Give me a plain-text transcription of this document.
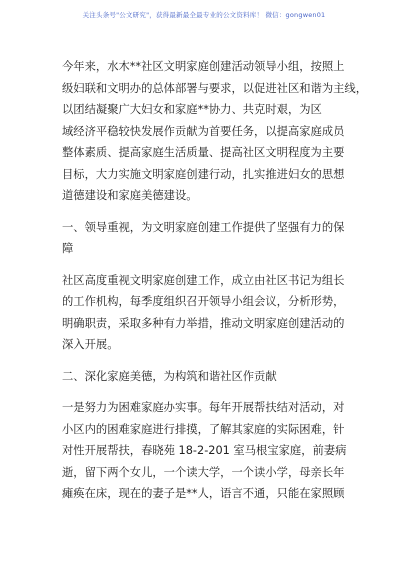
关注头条号"公文研究"，获得最新最全最专业的公文资料库！ 微信：gongwen01

今年来，水木**社区文明家庭创建活动领导小组，按照上

级妇联和文明办的总体部署与要求，以促进社区和谐为主线，

以团结凝聚广大妇女和家庭**协力、共克时艰，为区

域经济平稳较快发展作贡献为首要任务，以提高家庭成员

整体素质、提高家庭生活质量、提高社区文明程度为主要

目标，大力实施文明家庭创建行动，扎实推进妇女的思想

道德建设和家庭美德建设。

一、领导重视，为文明家庭创建工作提供了坚强有力的保

障

社区高度重视文明家庭创建工作，成立由社区书记为组长

的工作机构，每季度组织召开领导小组会议，分析形势，

明确职责，采取多种有力举措，推动文明家庭创建活动的

深入开展。

二、深化家庭美德，为构筑和谐社区作贡献

一是努力为困难家庭办实事。每年开展帮扶结对活动，对

小区内的困难家庭进行排摸，了解其家庭的实际困难，针

对性开展帮扶，春晓苑 18-2-201 室马根宝家庭，前妻病

逝，留下两个女儿，一个读大学，一个读小学，母亲长年

瘫痪在床，现在的妻子是**人，语言不通，只能在家照顾
